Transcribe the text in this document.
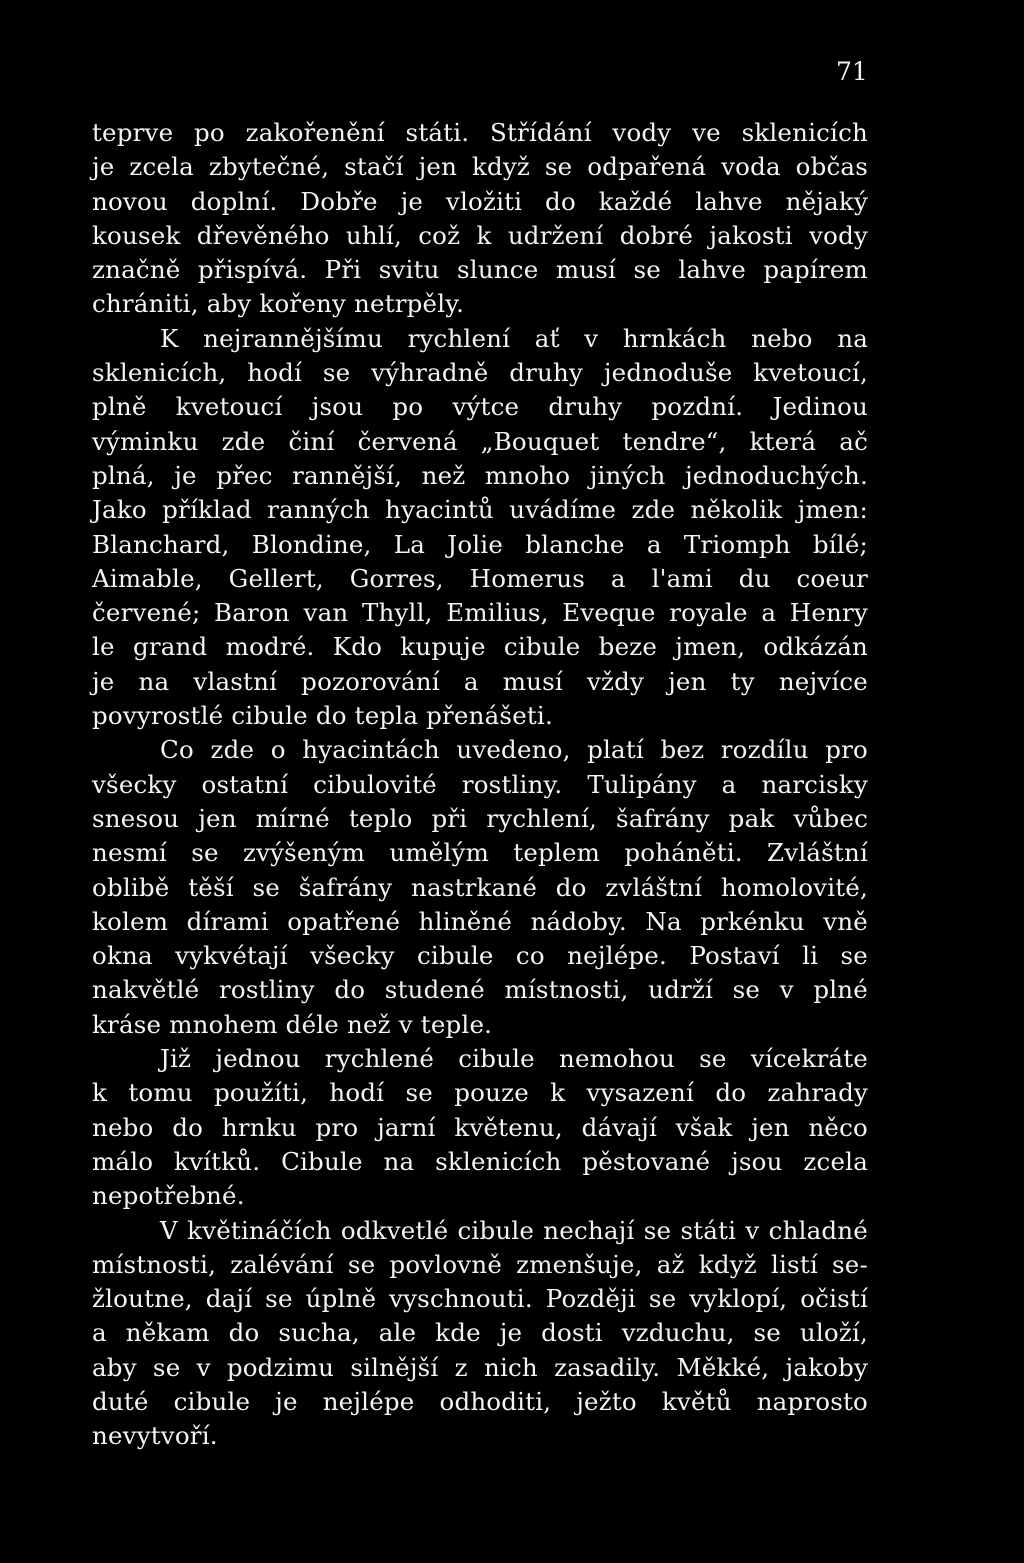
71
teprve po zakořenění státi. Střídání vody ve sklenicích
je zcela zbytečné, stačí jen když se odpařená voda občas
novou doplní. Dobře je vložiti do každé lahve nějaký
kousek dřevěného uhlí, což k udržení dobré jakosti vody
značně přispívá. Při svitu slunce musí se lahve papírem
chrániti, aby kořeny netrpěly.
K nejrannějšímu rychlení ať v hrnkách nebo na
sklenicích, hodí se výhradně druhy jednoduše kvetoucí,
plně kvetoucí jsou po výtce druhy pozdní. Jedinou
výminku zde činí červená „Bouquet tendre“, která ač
plná, je přec rannější, než mnoho jiných jednoduchých.
Jako příklad ranných hyacintů uvádíme zde několik jmen:
Blanchard, Blondine, La Jolie blanche a Triomph bílé;
Aimable, Gellert, Gorres, Homerus a l'ami du coeur
červené; Baron van Thyll, Emilius, Eveque royale a Henry
le grand modré. Kdo kupuje cibule beze jmen, odkázán
je na vlastní pozorování a musí vždy jen ty nejvíce
povyrostlé cibule do tepla přenášeti.
Co zde o hyacintách uvedeno, platí bez rozdílu pro
všecky ostatní cibulovité rostliny. Tulipány a narcisky
snesou jen mírné teplo při rychlení, šafrány pak vůbec
nesmí se zvýšeným umělým teplem poháněti. Zvláštní
oblibě těší se šafrány nastrkané do zvláštní homolovité,
kolem dírami opatřené hliněné nádoby. Na prkénku vně
okna vykvétají všecky cibule co nejlépe. Postaví li se
nakvětlé rostliny do studené místnosti, udrží se v plné
kráse mnohem déle než v teple.
Již jednou rychlené cibule nemohou se vícekráte
k tomu použíti, hodí se pouze k vysazení do zahrady
nebo do hrnku pro jarní květenu, dávají však jen něco
málo kvítků. Cibule na sklenicích pěstované jsou zcela
nepotřebné.
V květináčích odkvetlé cibule nechají se státi v chladné
místnosti, zalévání se povlovně zmenšuje, až když listí se-
žloutne, dají se úplně vyschnouti. Později se vyklopí, očistí
a někam do sucha, ale kde je dosti vzduchu, se uloží,
aby se v podzimu silnější z nich zasadily. Měkké, jakoby
duté cibule je nejlépe odhoditi, ježto květů naprosto
nevytvoří.
